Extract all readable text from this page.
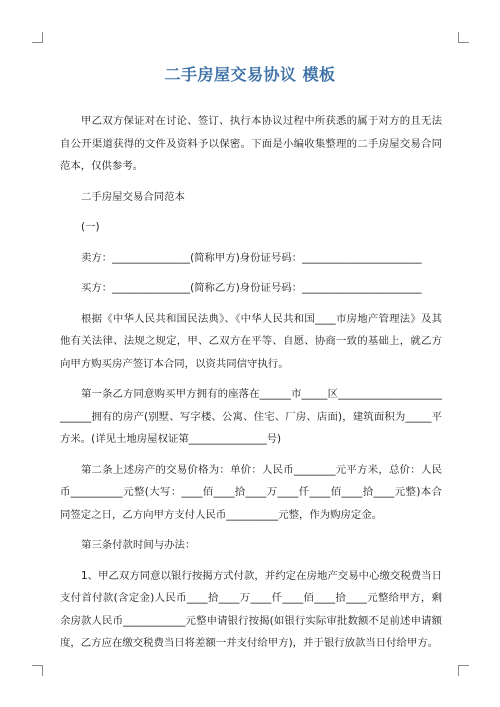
二手房屋交易协议 模板

甲乙双方保证对在讨论、签订、执行本协议过程中所获悉的属于对方的且无法自公开渠道获得的文件及资料予以保密。下面是小编收集整理的二手房屋交易合同范本，仅供参考。

二手房屋交易合同范本

(一)

卖方：_______________(简称甲方)身份证号码：_______________________

买方：_______________(简称乙方)身份证号码：_______________________

根据《中华人民共和国民法典》、《中华人民共和国____市房地产管理法》及其他有关法律、法规之规定，甲、乙双方在平等、自愿、协商一致的基础上，就乙方向甲方购买房产签订本合同，以资共同信守执行。

第一条乙方同意购买甲方拥有的座落在______市_____区__________________________拥有的房产(别墅、写字楼、公寓、住宅、厂房、店面)，建筑面积为_____平方米。(详见土地房屋权证第_______________号)

第二条上述房产的交易价格为：单价：人民币________元平方米，总价：人民币__________元整(大写：____佰____拾____万____仟____佰____拾____元整)本合同签定之日，乙方向甲方支付人民币__________元整，作为购房定金。

第三条付款时间与办法：

1、甲乙双方同意以银行按揭方式付款，并约定在房地产交易中心缴交税费当日支付首付款(含定金)人民币____拾____万____仟____佰____拾____元整给甲方，剩余房款人民币____________元整申请银行按揭(如银行实际审批数额不足前述申请额度，乙方应在缴交税费当日将差额一并支付给甲方)，并于银行放款当日付给甲方。
